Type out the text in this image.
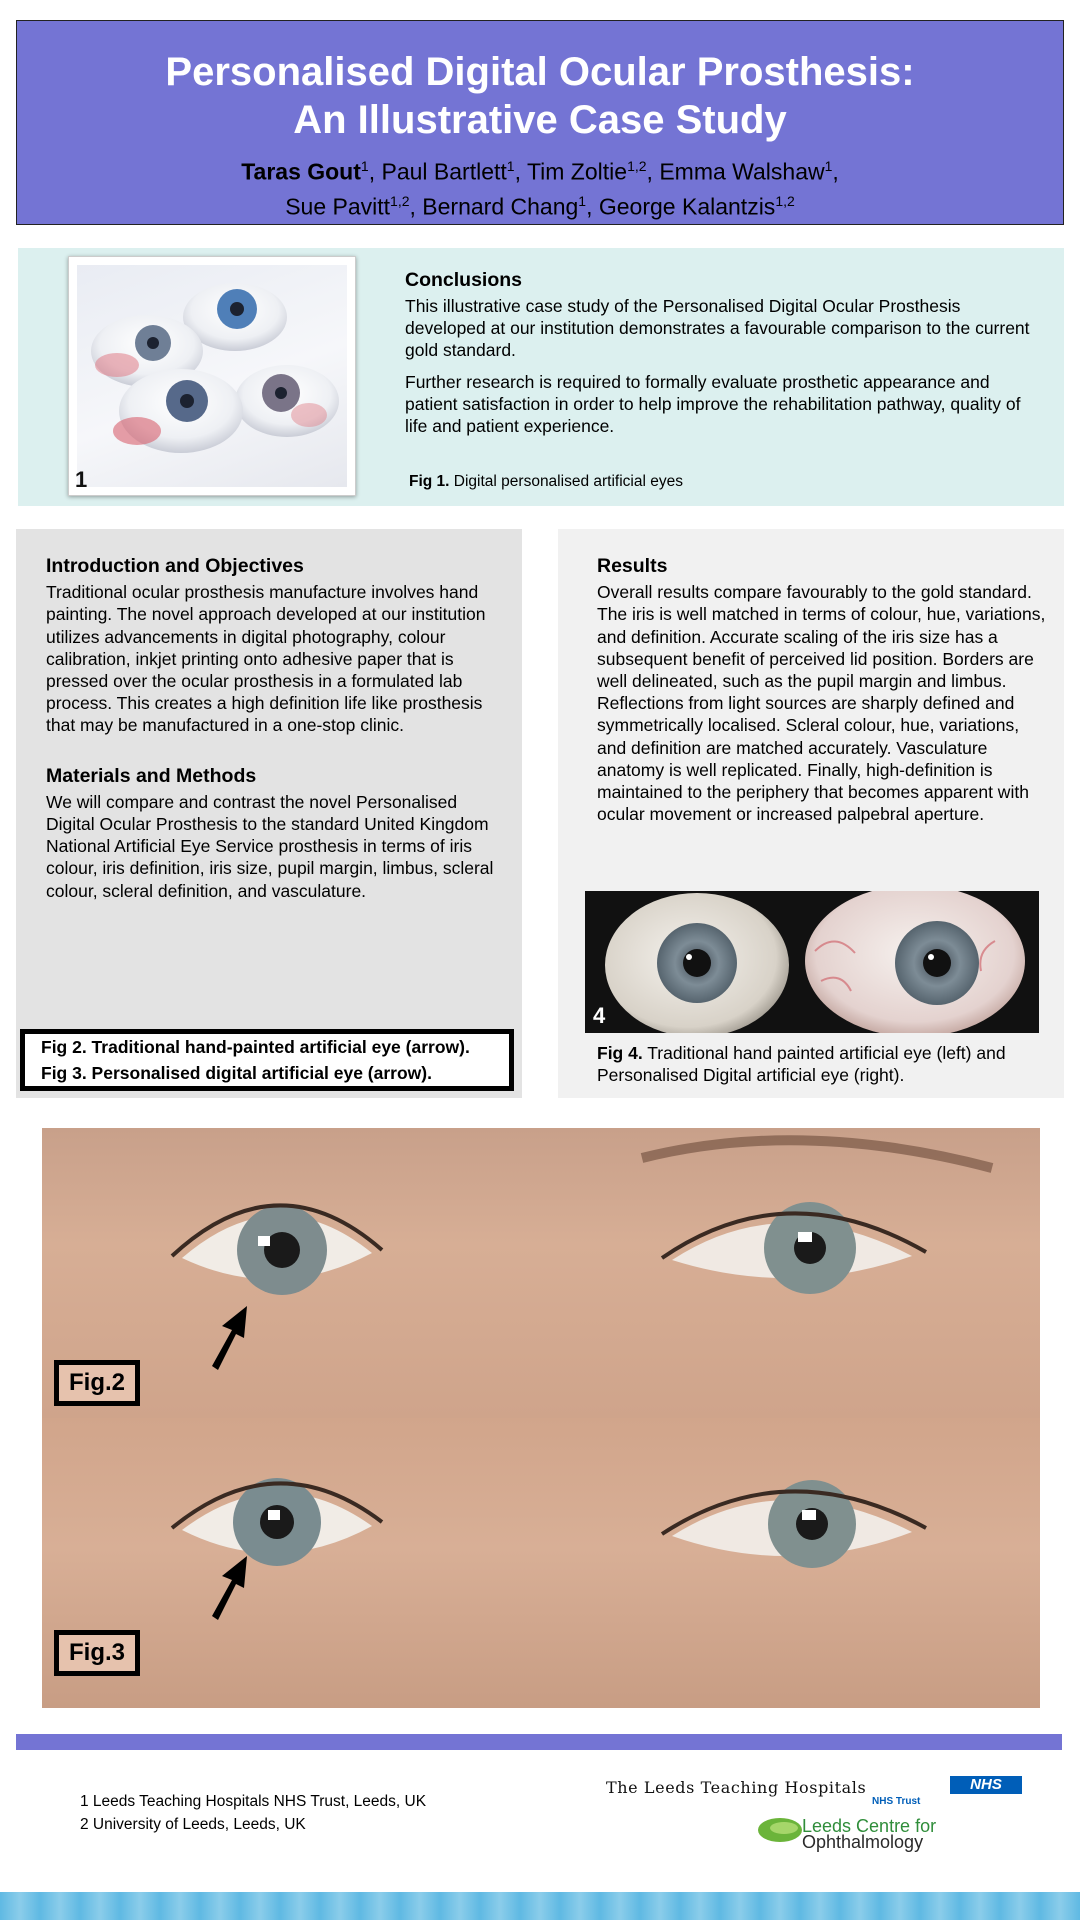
Personalised Digital Ocular Prosthesis:
An Illustrative Case Study
Taras Gout$^1$, Paul Bartlett$^1$, Tim Zoltie$^{1,2}$, Emma Walshaw$^1$,
Sue Pavitt$^{1,2}$, Bernard Chang$^1$, George Kalantzis$^{1,2}$
1
Conclusions

This illustrative case study of the Personalised Digital Ocular Prosthesis developed at our institution demonstrates a favourable comparison to the current gold standard.

Further research is required to formally evaluate prosthetic appearance and patient satisfaction in order to help improve the rehabilitation pathway, quality of life and patient experience.

Fig 1. Digital personalised artificial eyes
Introduction and Objectives

Traditional ocular prosthesis manufacture involves hand painting. The novel approach developed at our institution utilizes advancements in digital photography, colour calibration, inkjet printing onto adhesive paper that is pressed over the ocular prosthesis in a formulated lab process. This creates a high definition life like prosthesis that may be manufactured in a one-stop clinic.

Materials and Methods

We will compare and contrast the novel Personalised Digital Ocular Prosthesis to the standard United Kingdom National Artificial Eye Service prosthesis in terms of iris colour, iris definition, iris size, pupil margin, limbus, scleral colour, scleral definition, and vasculature.

Fig 2. Traditional hand-painted artificial eye (arrow).
Fig 3. Personalised digital artificial eye (arrow).
Results

Overall results compare favourably to the gold standard. The iris is well matched in terms of colour, hue, variations, and definition. Accurate scaling of the iris size has a subsequent benefit of perceived lid position. Borders are well delineated, such as the pupil margin and limbus. Reflections from light sources are sharply defined and symmetrically localised. Scleral colour, hue, variations, and definition are matched accurately. Vasculature anatomy is well replicated. Finally, high-definition is maintained to the periphery that becomes apparent with ocular movement or increased palpebral aperture.

4
Fig 4. Traditional hand painted artificial eye (left) and Personalised Digital artificial eye (right).
Fig.2
Fig.3
1 Leeds Teaching Hospitals NHS Trust, Leeds, UK
2 University of Leeds, Leeds, UK
The Leeds Teaching Hospitals	NHS
NHS Trust
Leeds Centre for
Ophthalmology
